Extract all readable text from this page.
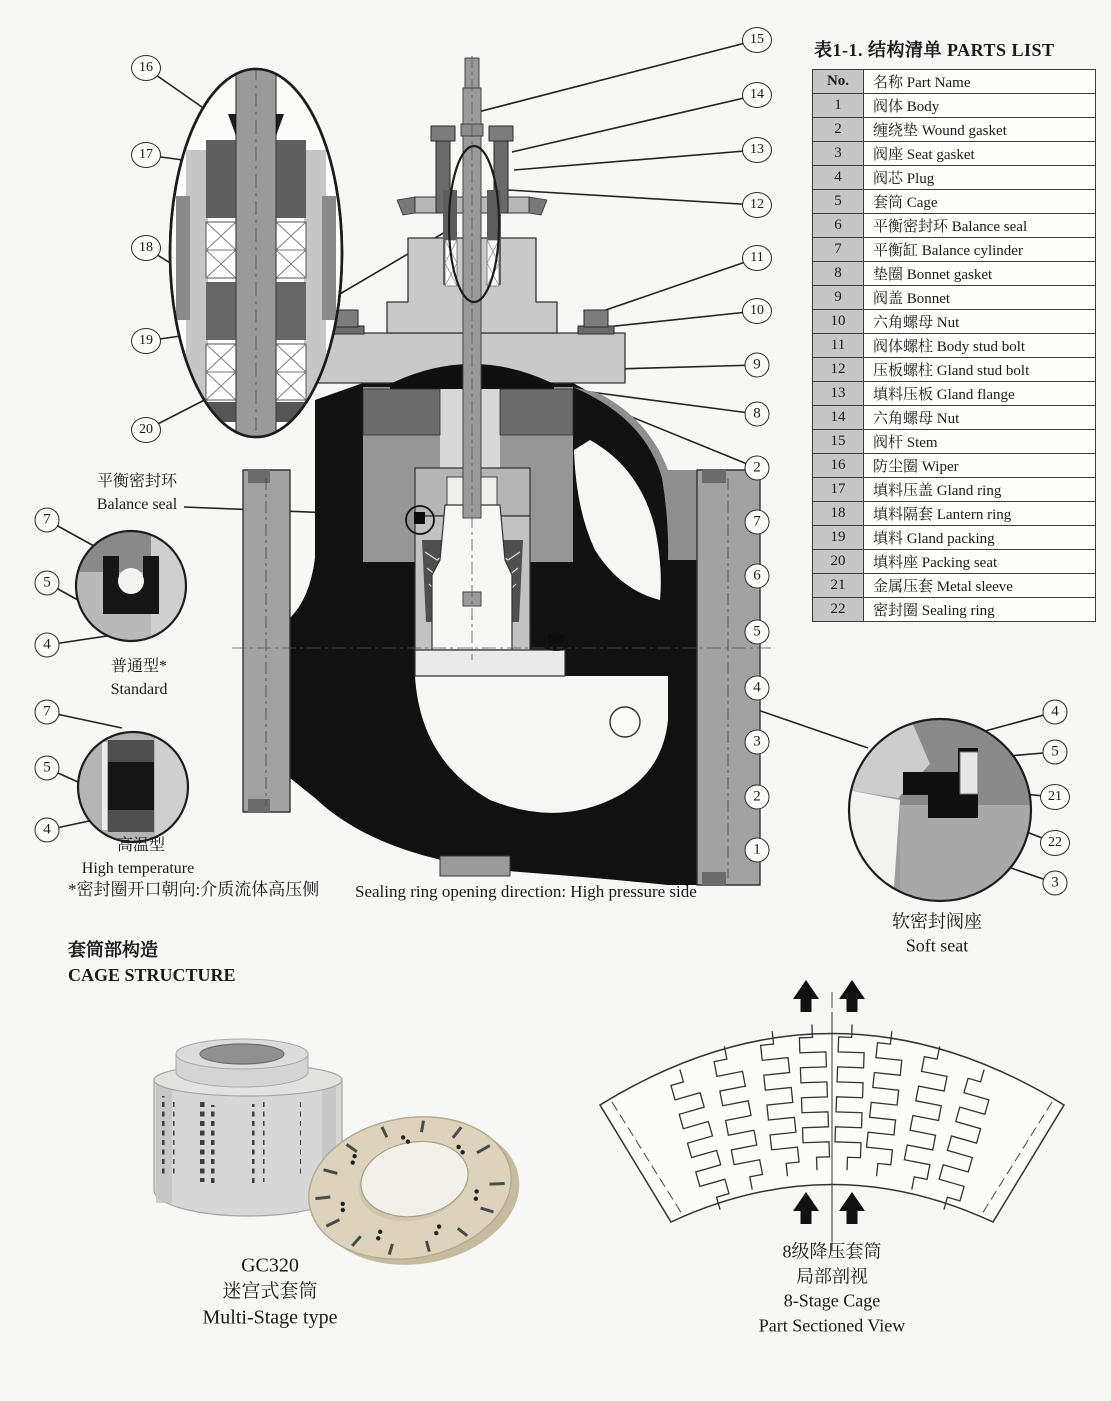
表1-1. 结构清单 PARTS LIST
No.	名称 Part Name
1	阀体 Body
2	缠绕垫 Wound gasket
3	阀座 Seat gasket
4	阀芯 Plug
5	套筒 Cage
6	平衡密封环 Balance seal
7	平衡缸 Balance cylinder
8	垫圈 Bonnet gasket
9	阀盖 Bonnet
10	六角螺母 Nut
11	阀体螺柱 Body stud bolt
12	压板螺柱 Gland stud bolt
13	填料压板 Gland flange
14	六角螺母 Nut
15	阀杆 Stem
16	防尘圈 Wiper
17	填料压盖 Gland ring
18	填料隔套 Lantern ring
19	填料 Gland packing
20	填料座 Packing seat
21	金属压套 Metal sleeve
22	密封圈 Sealing ring
平衡密封环
Balance seal
普通型*
Standard
高温型
High temperature
*密封圈开口朝向:介质流体高压侧 Sealing ring opening direction: High pressure side
套筒部构造
CAGE STRUCTURE
GC320
迷宫式套筒
Multi-Stage type
软密封阀座
Soft seat
8级降压套筒
局部剖视
8-Stage Cage
Part Sectioned View
16
17
18
19
20
15
14
13
12
11
10
9
8
2
7
6
5
4
3
2
1
7
5
4
7
5
4
4
5
21
22
3
